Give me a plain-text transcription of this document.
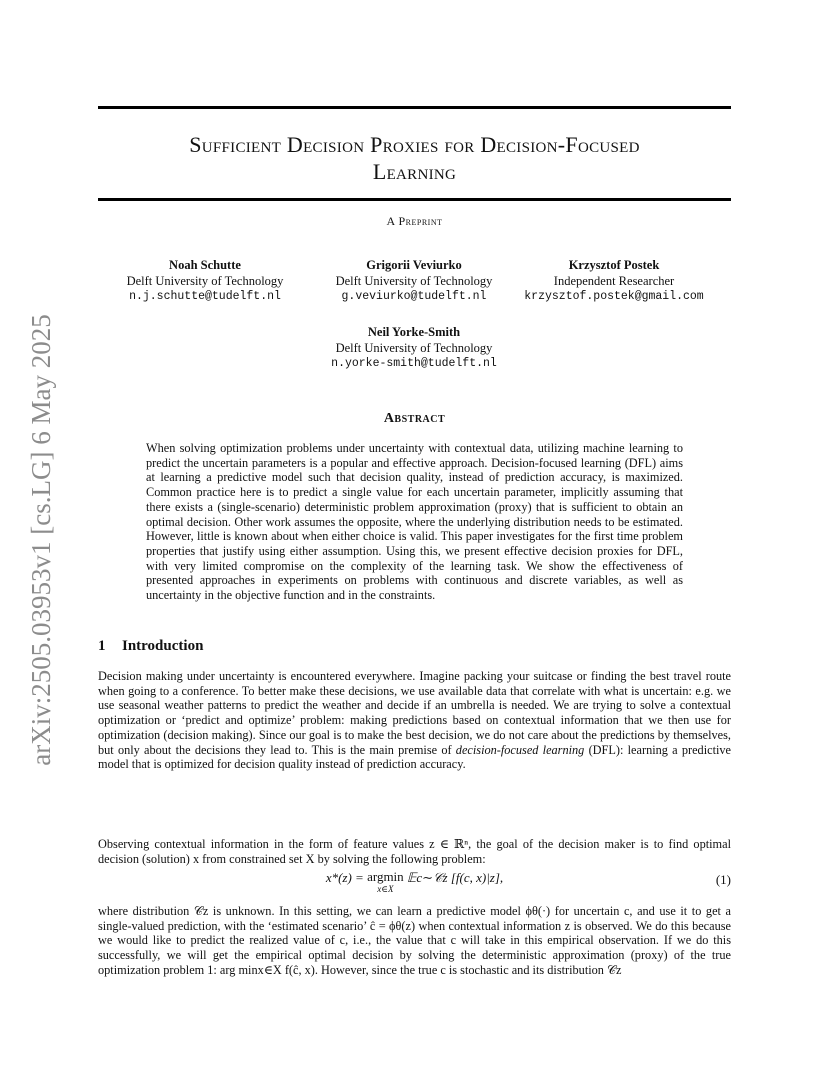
arXiv:2505.03953v1 [cs.LG] 6 May 2025
Sufficient Decision Proxies for Decision-Focused
Learning
A Preprint
Noah Schutte
Delft University of Technology
n.j.schutte@tudelft.nl
Grigorii Veviurko
Delft University of Technology
g.veviurko@tudelft.nl
Krzysztof Postek
Independent Researcher
krzysztof.postek@gmail.com
Neil Yorke-Smith
Delft University of Technology
n.yorke-smith@tudelft.nl
Abstract

When solving optimization problems under uncertainty with contextual data, utilizing machine learning to predict the uncertain parameters is a popular and effective approach. Decision-focused learning (DFL) aims at learning a predictive model such that decision quality, instead of prediction accuracy, is maximized. Common practice here is to predict a single value for each uncertain parameter, implicitly assuming that there exists a (single-scenario) deterministic problem approximation (proxy) that is sufficient to obtain an optimal decision. Other work assumes the opposite, where the underlying distribution needs to be estimated. However, little is known about when either choice is valid. This paper investigates for the first time problem properties that justify using either assumption. Using this, we present effective decision proxies for DFL, with very limited compromise on the complexity of the learning task. We show the effectiveness of presented approaches in experiments on problems with continuous and discrete variables, as well as uncertainty in the objective function and in the constraints.

1 Introduction

Decision making under uncertainty is encountered everywhere. Imagine packing your suitcase or finding the best travel route when going to a conference. To better make these decisions, we use available data that correlate with what is uncertain: e.g. we use seasonal weather patterns to predict the weather and decide if an umbrella is needed. We are trying to solve a contextual optimization or ‘predict and optimize’ problem: making predictions based on contextual information that we then use for optimization (decision making). Since our goal is to make the best decision, we do not care about the predictions by themselves, but only about the decisions they lead to. This is the main premise of decision-focused learning (DFL): learning a predictive model that is optimized for decision quality instead of prediction accuracy.

Observing contextual information in the form of feature values z ∈ ℝⁿ, the goal of the decision maker is to find optimal decision (solution) x from constrained set X by solving the following problem:

x*(z) = argmin
x∈X
𝔼c∼𝒞z [f(c, x)|z],	(1)

where distribution 𝒞z is unknown. In this setting, we can learn a predictive model ϕθ(·) for uncertain c, and use it to get a single-valued prediction, with the ‘estimated scenario’ ĉ = ϕθ(z) when contextual information z is observed. We do this because we would like to predict the realized value of c, i.e., the value that c will take in this empirical observation. If we do this successfully, we will get the empirical optimal decision by solving the deterministic approximation (proxy) of the true optimization problem 1: arg minx∈X f(ĉ, x). However, since the true c is stochastic and its distribution 𝒞z
